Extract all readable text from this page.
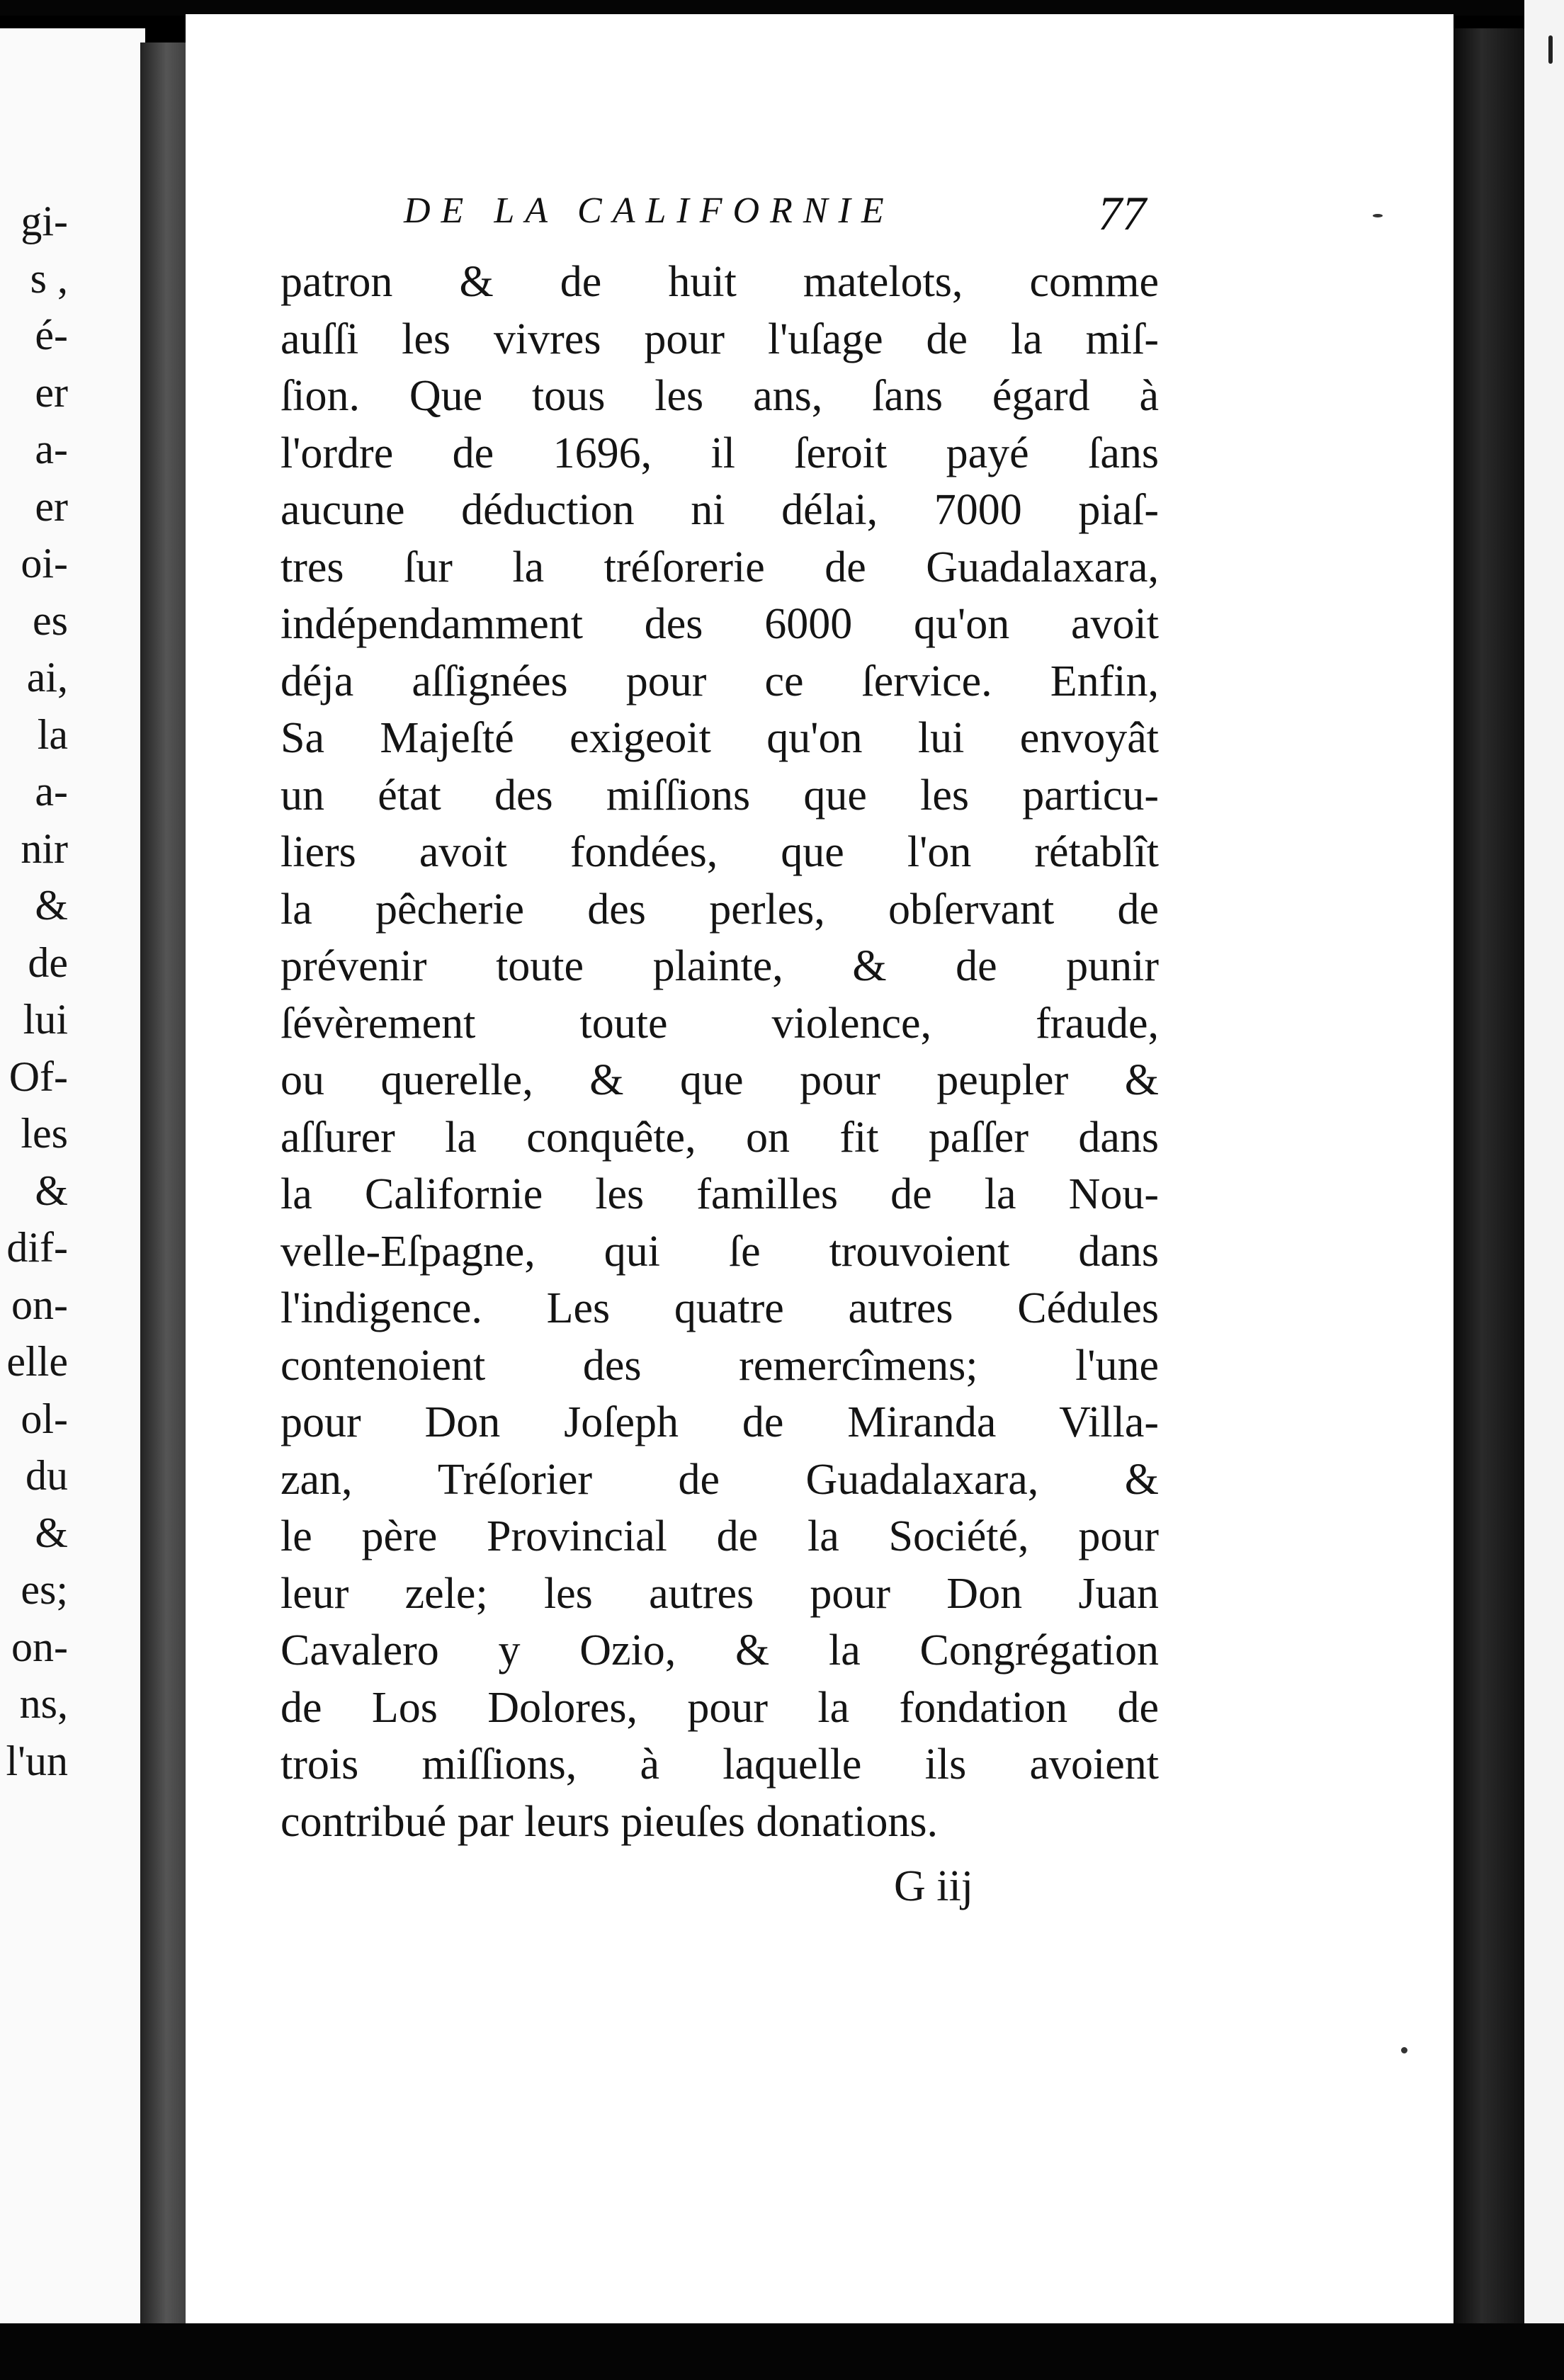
gi-
s ,
é-
er
a-
er
oi-
es
ai,
la
a-
nir
&
de
lui
Of-
les
&
dif-
on-
elle
ol-
du
&
es;
on-
ns,
l'un
DE LA CALIFORNIE	77
patron & de huit matelots, comme
auſſi les vivres pour l'uſage de la miſ-
ſion. Que tous les ans, ſans égard à
l'ordre de 1696, il ſeroit payé ſans
aucune déduction ni délai, 7000 piaſ-
tres ſur la tréſorerie de Guadalaxara,
indépendamment des 6000 qu'on avoit
déja aſſignées pour ce ſervice. Enfin,
Sa Majeſté exigeoit qu'on lui envoyât
un état des miſſions que les particu-
liers avoit fondées, que l'on rétablît
la pêcherie des perles, obſervant de
prévenir toute plainte, & de punir
ſévèrement toute violence, fraude,
ou querelle, & que pour peupler &
aſſurer la conquête, on fit paſſer dans
la Californie les familles de la Nou-
velle-Eſpagne, qui ſe trouvoient dans
l'indigence. Les quatre autres Cédules
contenoient des remercîmens; l'une
pour Don Joſeph de Miranda Villa-
zan, Tréſorier de Guadalaxara, &
le père Provincial de la Société, pour
leur zele; les autres pour Don Juan
Cavalero y Ozio, & la Congrégation
de Los Dolores, pour la fondation de
trois miſſions, à laquelle ils avoient
contribué par leurs pieuſes donations.
G iij
